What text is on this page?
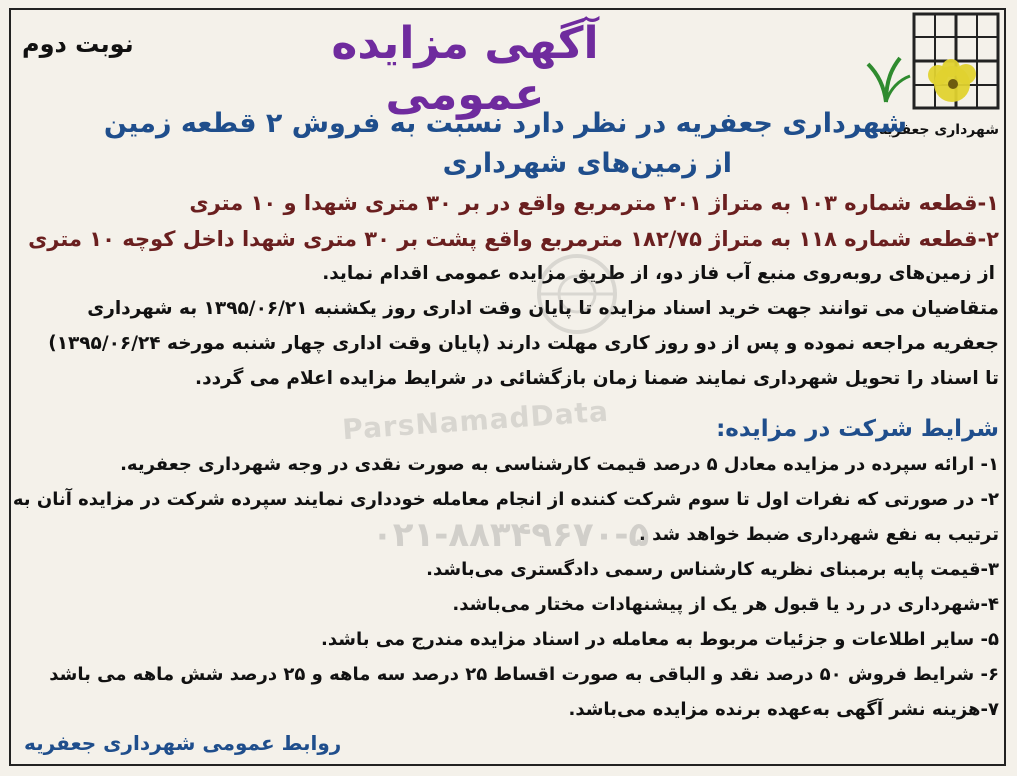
نوبت دوم	آگهی مزایده عمومی
شهرداری جعفریه
شهرداری جعفریه در نظر دارد نسبت به فروش ۲ قطعه زمین
از زمین‌های شهرداری
۱-قطعه شماره ۱۰۳ به متراژ ۲۰۱ مترمربع واقع در بر ۳۰ متری شهدا و ۱۰ متری
۲-قطعه شماره ۱۱۸ به متراژ ۱۸۲/۷۵ مترمربع واقع پشت بر ۳۰ متری شهدا داخل کوچه ۱۰ متری
از زمین‌های روبه‌روی منبع آب فاز دو، از طریق مزایده عمومی اقدام نماید.
متقاضیان می توانند جهت خرید اسناد مزایده تا پایان وقت اداری روز یکشنبه ۱۳۹۵/۰۶/۲۱ به شهرداری
جعفریه مراجعه نموده و پس از دو روز کاری مهلت دارند (پایان وقت اداری چهار شنبه مورخه ۱۳۹۵/۰۶/۲۴)
تا اسناد را تحویل شهرداری نمایند ضمنا زمان بازگشائی در شرایط مزایده اعلام می گردد.
ParsNamadData	شرایط شرکت در مزایده:
۱- ارائه سپرده در مزایده معادل ۵ درصد قیمت کارشناسی به صورت نقدی در وجه شهرداری جعفریه.
۲- در صورتی که نفرات اول تا سوم شرکت کننده از انجام معامله خودداری نمایند سپرده شرکت در مزایده آنان به
ترتیب به نفع شهرداری ضبط خواهد شد .
۳-قیمت پایه برمبنای نظریه کارشناس رسمی دادگستری می‌باشد.
۴-شهرداری در رد یا قبول هر یک از پیشنهادات مختار می‌باشد.
۵- سایر اطلاعات و جزئیات مربوط به معامله در اسناد مزایده مندرج می باشد.
۶- شرایط فروش ۵۰ درصد نقد و الباقی به صورت اقساط ۲۵ درصد سه ماهه و ۲۵ درصد شش ماهه می باشد
۷-هزینه نشر آگهی به‌عهده برنده مزایده می‌باشد.
۰۲۱-۸۸۳۴۹۶۷۰-۵
روابط عمومی شهرداری جعفریه
